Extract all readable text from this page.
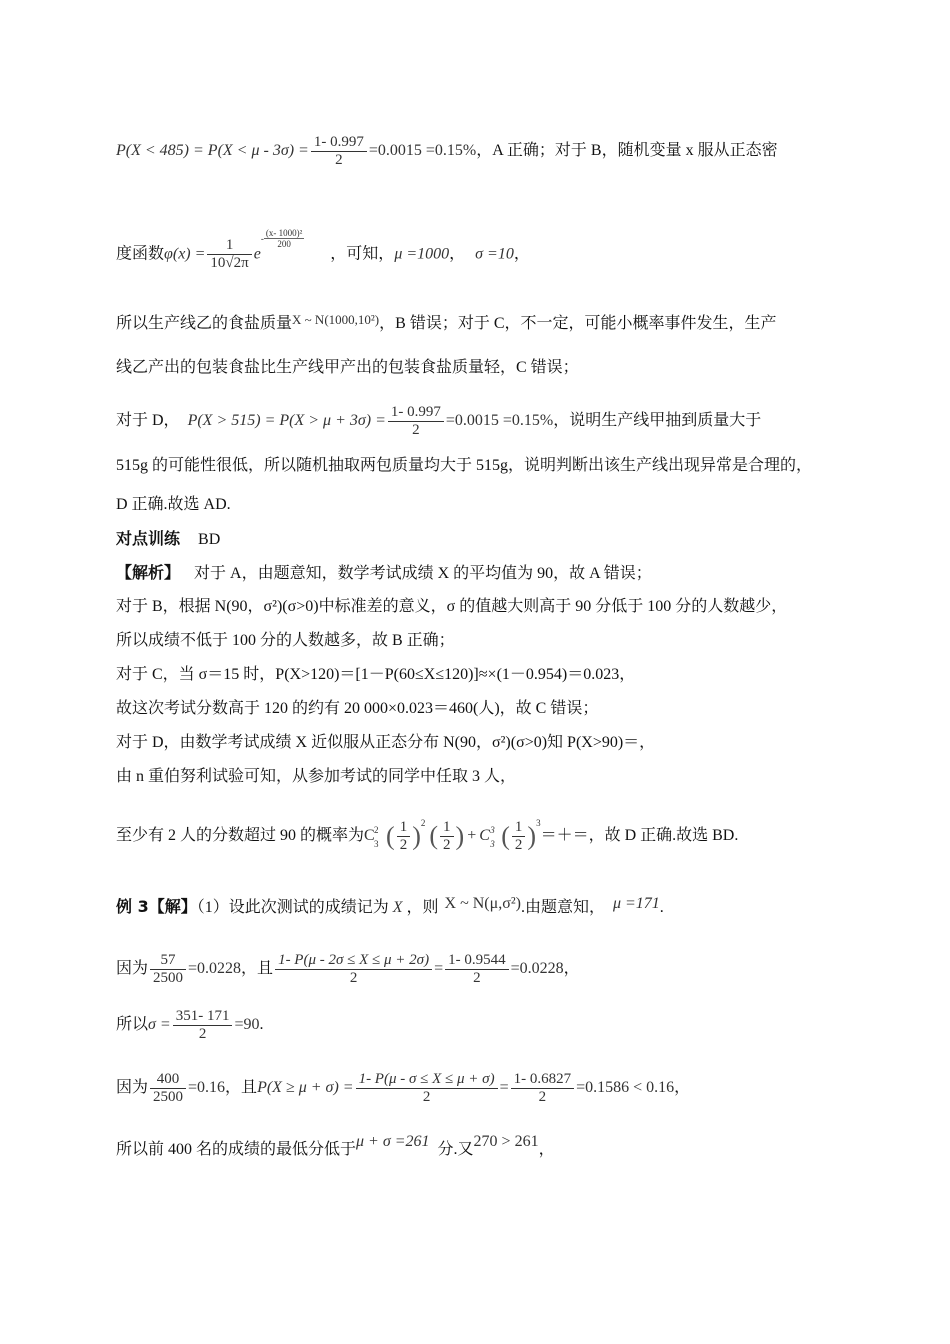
$P(X < 485) = P(X < \mu - 3\sigma) = \frac{1- 0.997}{2} =0.0015 =0.15\%$，A 正确；对于 B，随机变量 x 服从正态密
度函数$\varphi(x) = \frac{1}{10√2\pi} e- \frac{\text{(x- 1000)²}}{200}$
，可知，μ =1000， σ =10，
所以生产线乙的食盐质量$^{X \sim N(1000,10^2)}$，B 错误；对于 C，不一定，可能小概率事件发生，生产
线乙产出的包装食盐比生产线甲产出的包装食盐质量轻，C 错误；
对于 D， $P(X > 515) = P(X > \mu + 3\sigma) = \frac{1- 0.997}{2} =0.0015 =0.15\%$，说明生产线甲抽到质量大于
515g 的可能性很低，所以随机抽取两包质量均大于 515g，说明判断出该生产线出现异常是合理的，
D 正确.故选 AD.
对点训练 BD
【解析】 对于 A，由题意知，数学考试成绩 X 的平均值为 90，故 A 错误；
对于 B，根据 N(90，σ²)(σ>0)中标准差的意义，σ 的值越大则高于 90 分低于 100 分的人数越少，
所以成绩不低于 100 分的人数越多，故 B 正确；
对于 C，当 σ＝15 时，P(X>120)＝[1－P(60≤X≤120)]≈×(1－0.954)＝0.023，
故这次考试分数高于 120 的约有 20 000×0.023＝460(人)，故 C 错误；
对于 D，由数学考试成绩 X 近似服从正态分布 N(90，σ²)(σ>0)知 P(X>90)＝，
由 n 重伯努利试验可知，从参加考试的同学中任取 3 人，
至少有 2 人的分数超过 90 的概率为C 2
3 ( $\frac{1}{2} )^2$ ( $\frac{1}{2}$ ) + C 3
3 ( $\frac{1}{2} )^3=+=$，故 D 正确.故选 BD.
例 3【解】（1）设此次测试的成绩记为 X ，则 X ~ N(μ,σ²).由题意知， μ =171.
因为 $\frac{57}{2500} =0.0228$，且 $\frac{1- P(\mu - 2\sigma \le X \le \mu + 2\sigma)}{2} = \frac{1- 0.9544}{2} =0.0228$，
所以$\sigma = \frac{351- 171}{2} =90$.
因为 $\frac{400}{2500} =0.16$，且$P(X \ge \mu + \sigma) = \frac{1- P(\mu - \sigma \le X \le \mu + \sigma)}{2} = \frac{1- 0.6827}{2} =0.1586 < 0.16$，
所以前 400 名的成绩的最低分低于μ + σ =261 分.又270 > 261，
